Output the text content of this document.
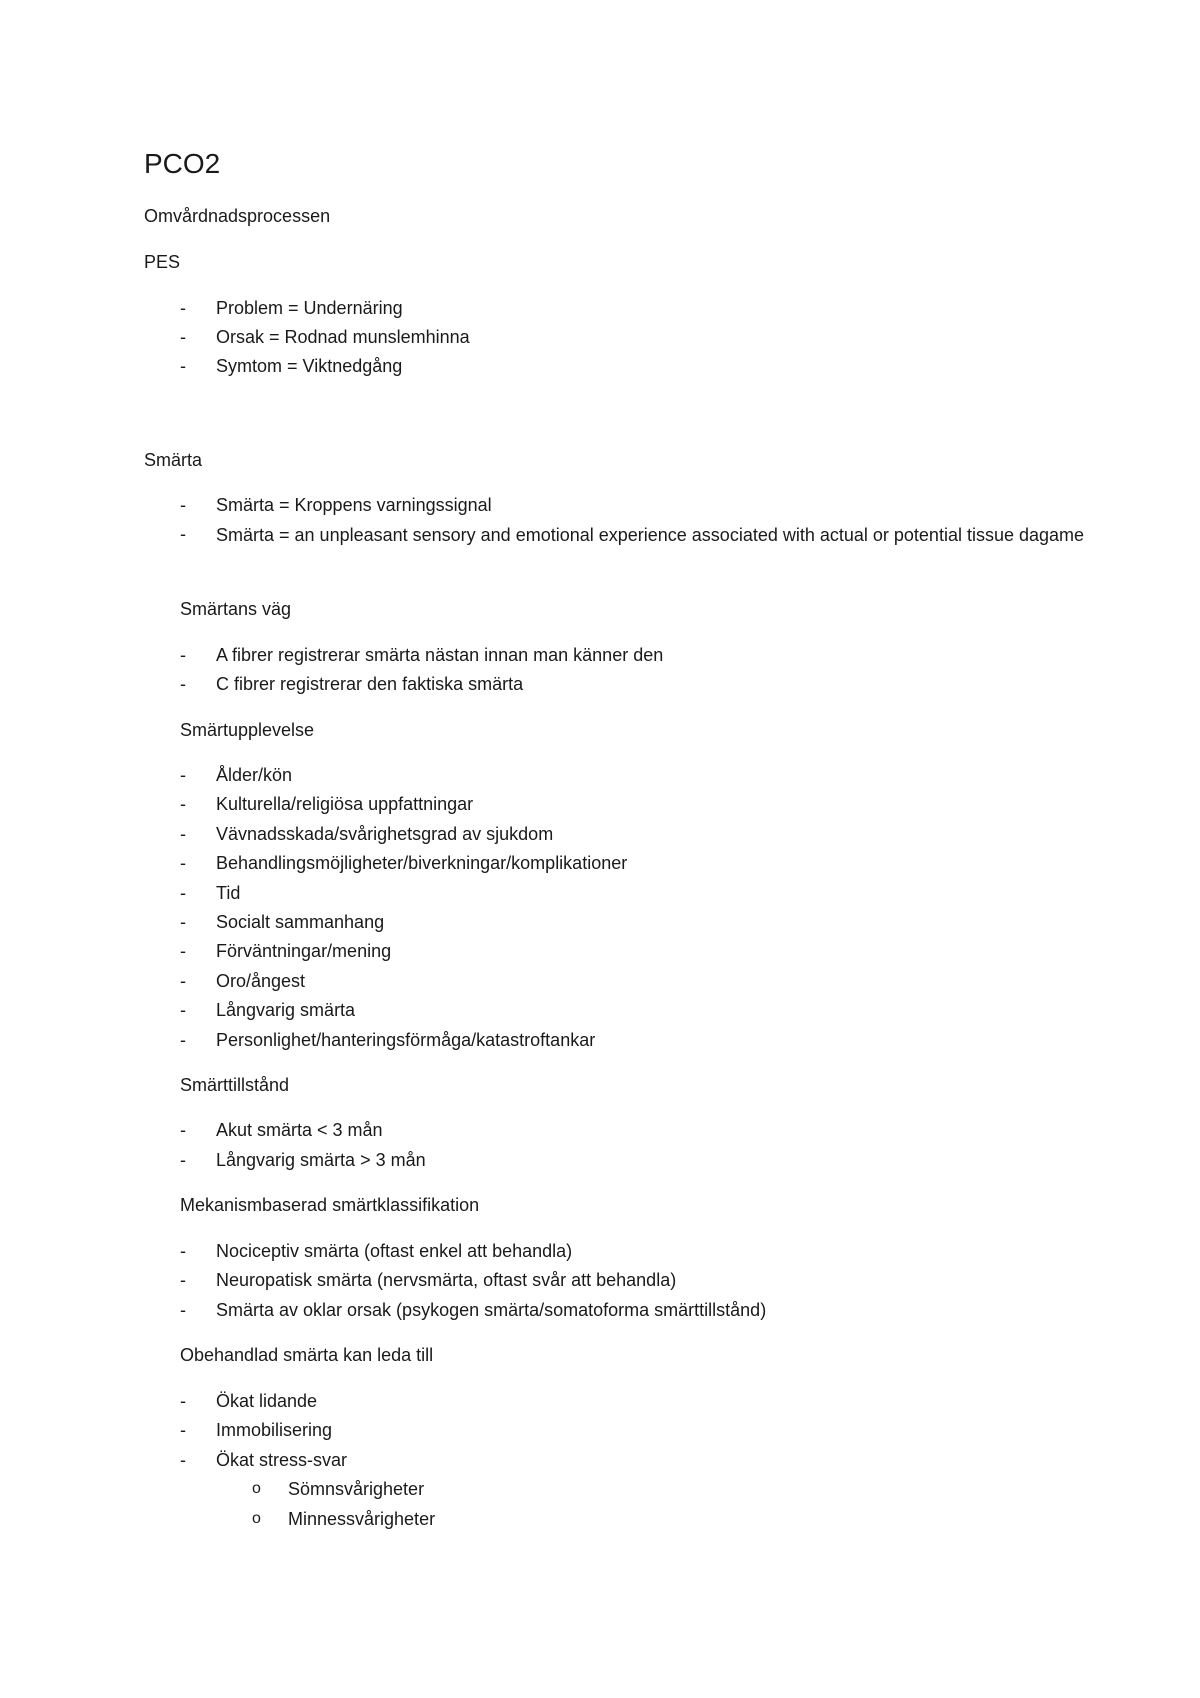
PCO2
Omvårdnadsprocessen
PES
-	Problem = Undernäring
-	Orsak = Rodnad munslemhinna
-	Symtom = Viktnedgång
Smärta
-	Smärta = Kroppens varningssignal
-	Smärta = an unpleasant sensory and emotional experience associated with actual or potential tissue dagame
Smärtans väg
-	A fibrer registrerar smärta nästan innan man känner den
-	C fibrer registrerar den faktiska smärta
Smärtupplevelse
-	Ålder/kön
-	Kulturella/religiösa uppfattningar
-	Vävnadsskada/svårighetsgrad av sjukdom
-	Behandlingsmöjligheter/biverkningar/komplikationer
-	Tid
-	Socialt sammanhang
-	Förväntningar/mening
-	Oro/ångest
-	Långvarig smärta
-	Personlighet/hanteringsförmåga/katastroftankar
Smärttillstånd
-	Akut smärta < 3 mån
-	Långvarig smärta > 3 mån
Mekanismbaserad smärtklassifikation
-	Nociceptiv smärta (oftast enkel att behandla)
-	Neuropatisk smärta (nervsmärta, oftast svår att behandla)
-	Smärta av oklar orsak (psykogen smärta/somatoforma smärttillstånd)
Obehandlad smärta kan leda till
-	Ökat lidande
-	Immobilisering
-	Ökat stress-svar
o Sömnsvårigheter
o Minnessvårigheter
